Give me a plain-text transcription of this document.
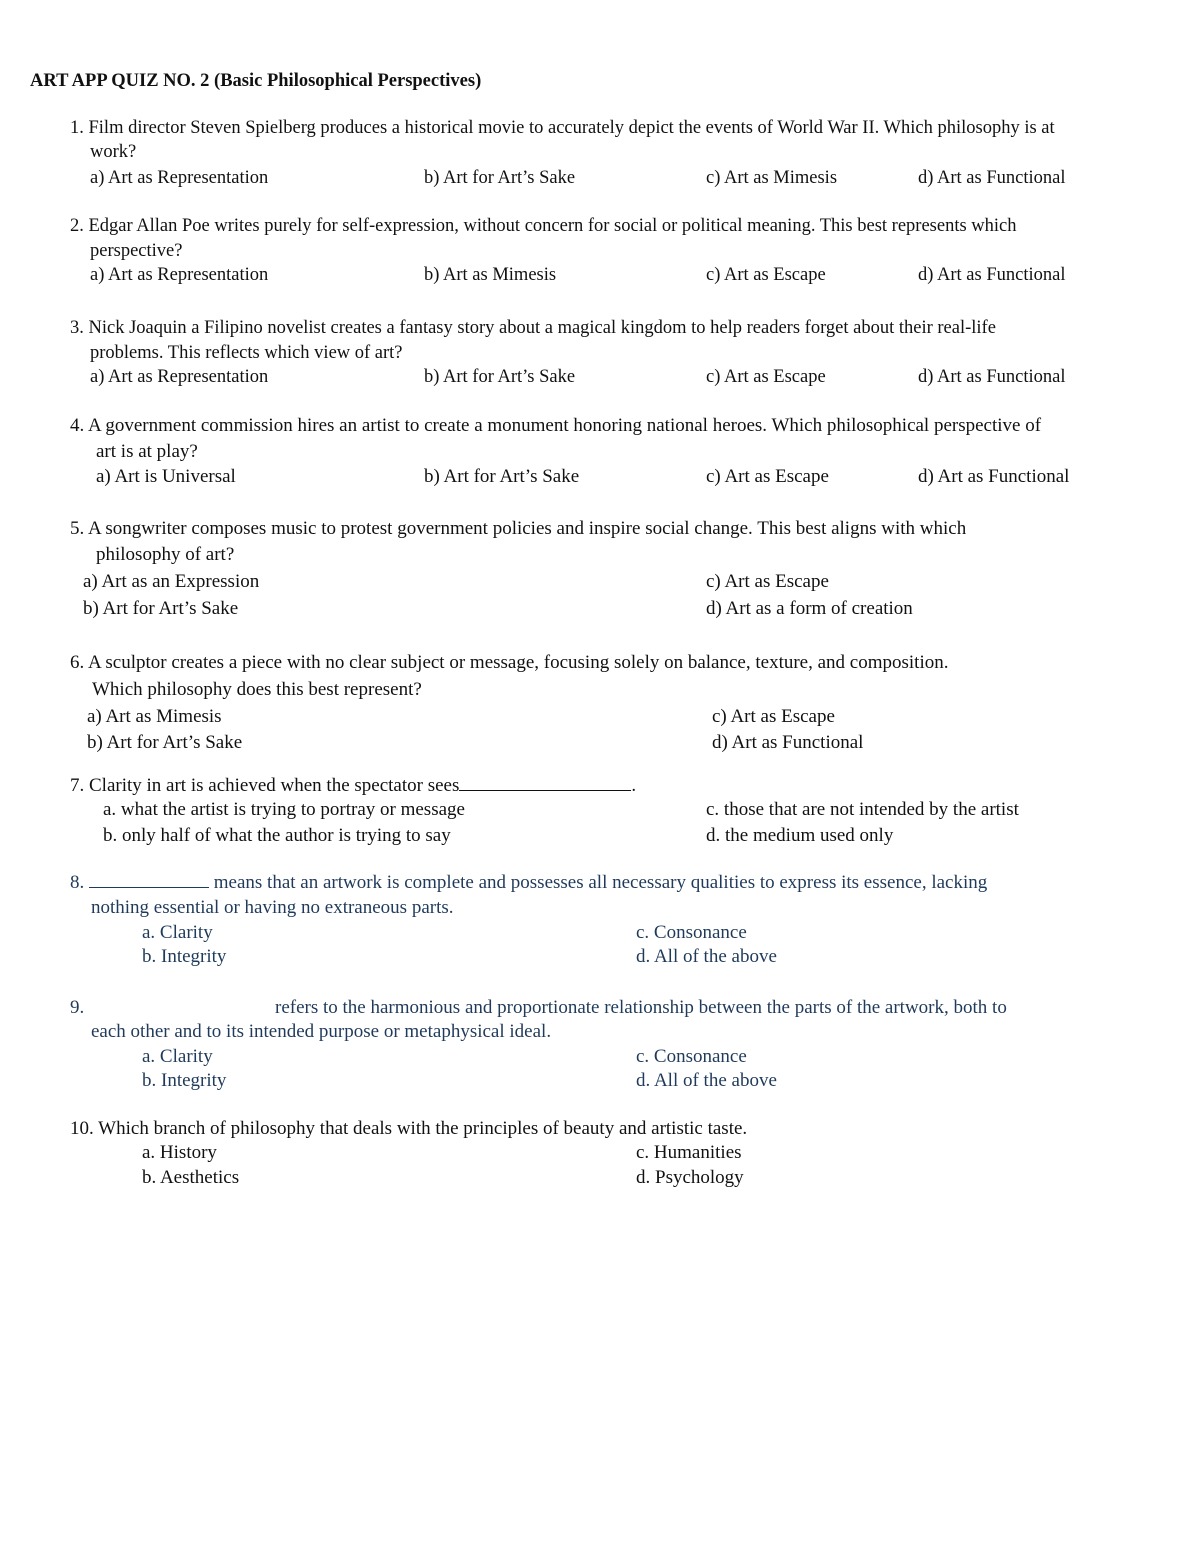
ART APP QUIZ NO. 2 (Basic Philosophical Perspectives)
1. Film director Steven Spielberg produces a historical movie to accurately depict the events of World War II. Which philosophy is at
work?
a) Art as Representation	b) Art for Art’s Sake	c) Art as Mimesis	d) Art as Functional
2. Edgar Allan Poe writes purely for self-expression, without concern for social or political meaning. This best represents which
perspective?
a) Art as Representation	b) Art as Mimesis	c) Art as Escape	d) Art as Functional
3. Nick Joaquin a Filipino novelist creates a fantasy story about a magical kingdom to help readers forget about their real-life
problems. This reflects which view of art?
a) Art as Representation	b) Art for Art’s Sake	c) Art as Escape	d) Art as Functional
4. A government commission hires an artist to create a monument honoring national heroes. Which philosophical perspective of
art is at play?
a) Art is Universal	b) Art for Art’s Sake	c) Art as Escape	d) Art as Functional
5. A songwriter composes music to protest government policies and inspire social change. This best aligns with which
philosophy of art?
a) Art as an Expression
b) Art for Art’s Sake
c) Art as Escape
d) Art as a form of creation
6. A sculptor creates a piece with no clear subject or message, focusing solely on balance, texture, and composition.
Which philosophy does this best represent?
a) Art as Mimesis
b) Art for Art’s Sake
c) Art as Escape
d) Art as Functional
7. Clarity in art is achieved when the spectator sees	.
a. what the artist is trying to portray or message
b. only half of what the author is trying to say
c. those that are not intended by the artist
d. the medium used only
8.	means that an artwork is complete and possesses all necessary qualities to express its essence, lacking
nothing essential or having no extraneous parts.
a. Clarity
b. Integrity
c. Consonance
d. All of the above
9.	refers to the harmonious and proportionate relationship between the parts of the artwork, both to
each other and to its intended purpose or metaphysical ideal.
a. Clarity
b. Integrity
c. Consonance
d. All of the above
10. Which branch of philosophy that deals with the principles of beauty and artistic taste.
a. History
b. Aesthetics
c. Humanities
d. Psychology
